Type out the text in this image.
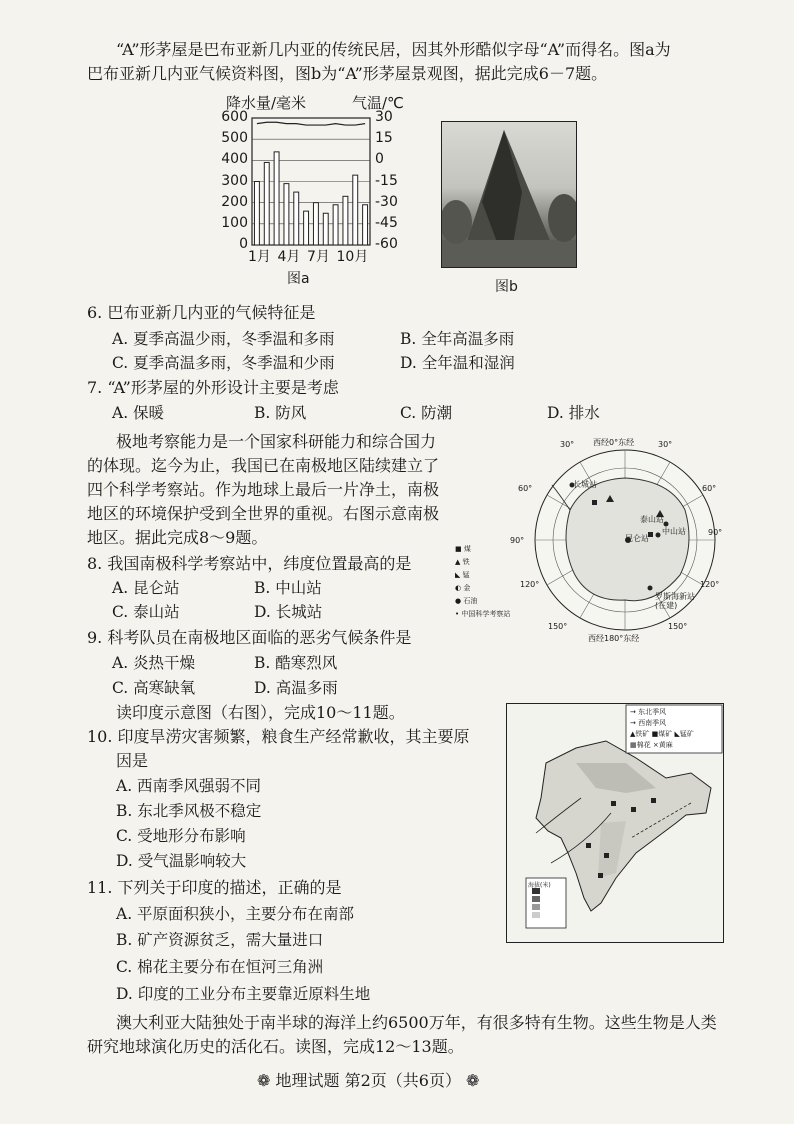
“A”形茅屋是巴布亚新几内亚的传统民居，因其外形酷似字母“A”而得名。图a为
巴布亚新几内亚气候资料图，图b为“A”形茅屋景观图，据此完成6－7题。
降水量/毫米	气温/℃
600
500
400
300
200
100
0
30
15
0
-15
-30
-45
-60
1月 4月 7月 10月
图a	图b
6. 巴布亚新几内亚的气候特征是
A. 夏季高温少雨，冬季温和多雨	B. 全年高温多雨
C. 夏季高温多雨，冬季温和少雨	D. 全年温和湿润
7. “A”形茅屋的外形设计主要是考虑
A. 保暖	B. 防风	C. 防潮	D. 排水
极地考察能力是一个国家科研能力和综合国力
的体现。迄今为止，我国已在南极地区陆续建立了
四个科学考察站。作为地球上最后一片净土，南极
地区的环境保护受到全世界的重视。右图示意南极
地区。据此完成8～9题。
西经0°东经
西经180°东经
30°	30°
60°	60°
90°
90°
120°	120°
150°	150°
长城站
泰山站
中山站
昆仑站
罗斯海新站(在建)
■ 煤
▲ 铁
◣ 锰
◐ 金
● 石油
• 中国科学考察站
8. 我国南极科学考察站中，纬度位置最高的是
A. 昆仑站	B. 中山站
C. 泰山站	D. 长城站
9. 科考队员在南极地区面临的恶劣气候条件是
A. 炎热干燥	B. 酷寒烈风
C. 高寒缺氧	D. 高温多雨
读印度示意图（右图），完成10～11题。	→ 东北季风
→ 西南季风
▲铁矿 ■煤矿 ◣锰矿
▦棉花 ×黄麻
海拔(米)
10. 印度旱涝灾害频繁，粮食生产经常歉收，其主要原
因是
A. 西南季风强弱不同
B. 东北季风极不稳定
C. 受地形分布影响
D. 受气温影响较大
11. 下列关于印度的描述，正确的是
A. 平原面积狭小，主要分布在南部
B. 矿产资源贫乏，需大量进口
C. 棉花主要分布在恒河三角洲
D. 印度的工业分布主要靠近原料生地
澳大利亚大陆独处于南半球的海洋上约6500万年，有很多特有生物。这些生物是人类
研究地球演化历史的活化石。读图，完成12～13题。
❁ 地理试题 第2页（共6页） ❁
